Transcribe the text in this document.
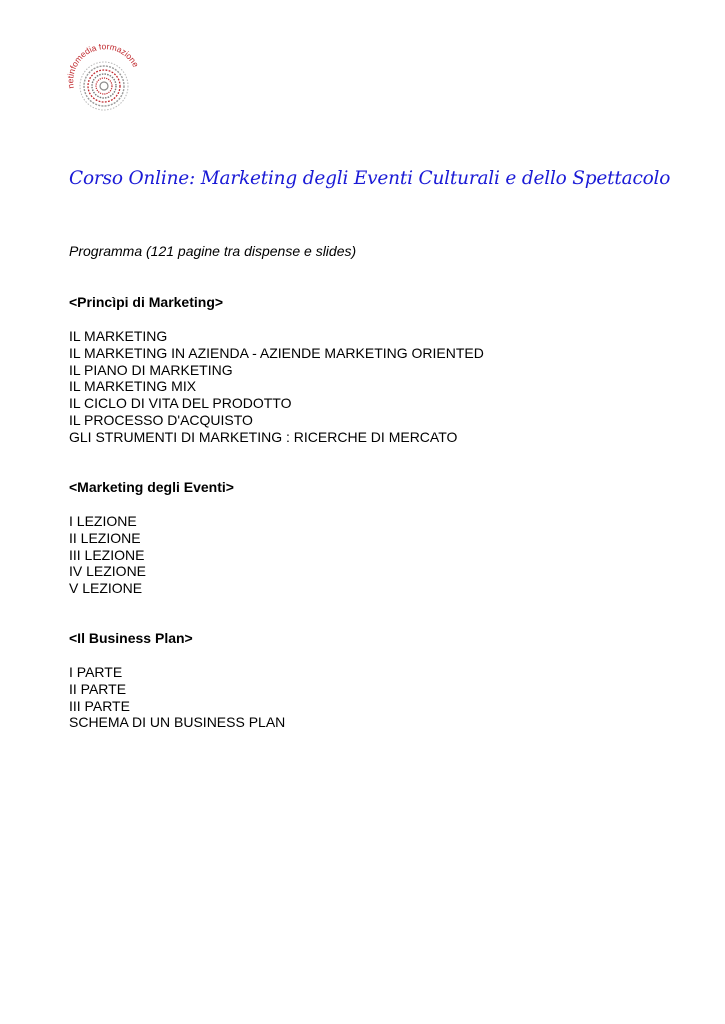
netinfomedia formazione
Corso Online: Marketing degli Eventi Culturali e dello Spettacolo
Programma (121 pagine tra dispense e slides)
<Princìpi di Marketing>
IL MARKETING
IL MARKETING IN AZIENDA - AZIENDE MARKETING ORIENTED
IL PIANO DI MARKETING
IL MARKETING MIX
IL CICLO DI VITA DEL PRODOTTO
IL PROCESSO D'ACQUISTO
GLI STRUMENTI DI MARKETING : RICERCHE DI MERCATO
<Marketing degli Eventi>
I LEZIONE
II LEZIONE
III LEZIONE
IV LEZIONE
V LEZIONE
<Il Business Plan>
I PARTE
II PARTE
III PARTE
SCHEMA DI UN BUSINESS PLAN
